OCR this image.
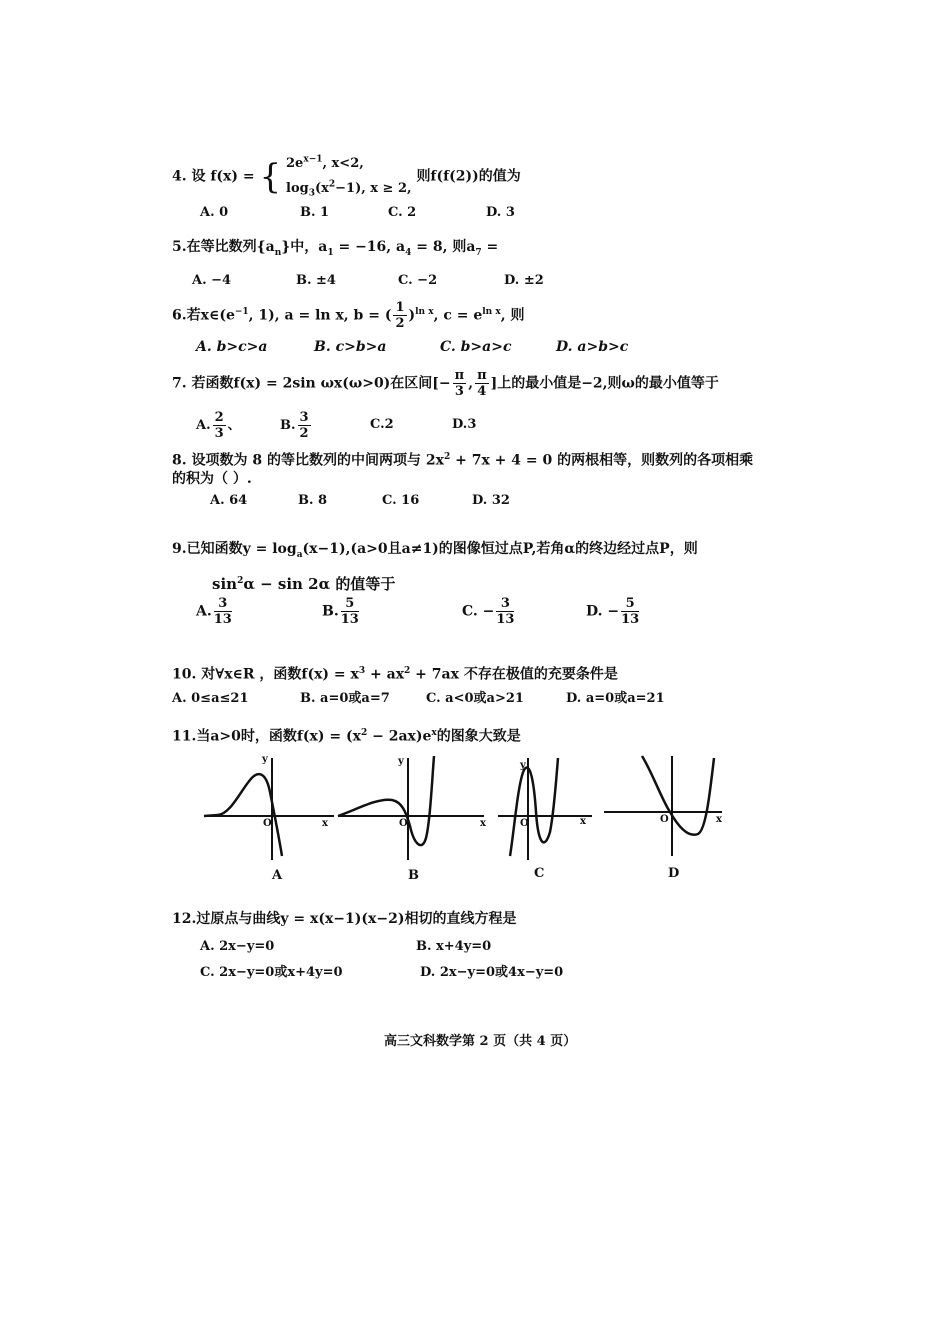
4. 设 f(x) = { $2e^{x-1}$, x<2,
$\log_3(x^2-1)$, x ≥ 2, 则f(f(2))的值为
A. 0	B. 1	C. 2	D. 3
5.在等比数列$\{a_n\}$中，$a_1 = -16$, $a_4 = 8$, 则$a_7$ =
A. −4	B. ±4	C. −2	D. ±2
6.若$x\in(e^{-1}$, 1), a = ln x, b = ( $\frac{1}{2} )^{ln x}$, $c = e^{ln x}$, 则
A. b>c>a	B. c>b>a	C. b>a>c	D. a>b>c
7. 若函数f(x) = 2sin ωx(ω>0)在区间[− $\frac{\pi}{3}$ , $\frac{\pi}{4}$ ]上的最小值是−2,则ω的最小值等于
A. $\frac{2}{3}$ 、	B. $\frac{3}{2}$	C.2	D.3
8. 设项数为 8 的等比数列的中间两项与 $2x^2 + 7x + 4 = 0$ 的两根相等，则数列的各项相乘
的积为（ ）.
A. 64	B. 8	C. 16	D. 32
9.已知函数$y = \log_a(x-1),(a>0$且a≠1)的图像恒过点P,若角α的终边经过点P，则
$\sin^2\alpha - \sin 2\alpha$ 的值等于
A. $\frac{3}{13}$	B. $\frac{5}{13}$	C. − $\frac{3}{13}$	D. − $\frac{5}{13}$
10. 对∀x∈R ，函数$f(x) = x^3 + ax^2 + 7ax$ 不存在极值的充要条件是
A. 0≤a≤21	B. a=0或a=7	C. a<0或a>21	D. a=0或a=21
11.当a>0时，函数$f(x) = (x^2 - 2ax)e^x$的图象大致是
y
O	x
A
y
O	x
B
y
O	x
C
O	x
D
12.过原点与曲线y = x(x−1)(x−2)相切的直线方程是
A. 2x−y=0	B. x+4y=0
C. 2x−y=0或x+4y=0	D. 2x−y=0或4x−y=0
高三文科数学第 2 页（共 4 页）
